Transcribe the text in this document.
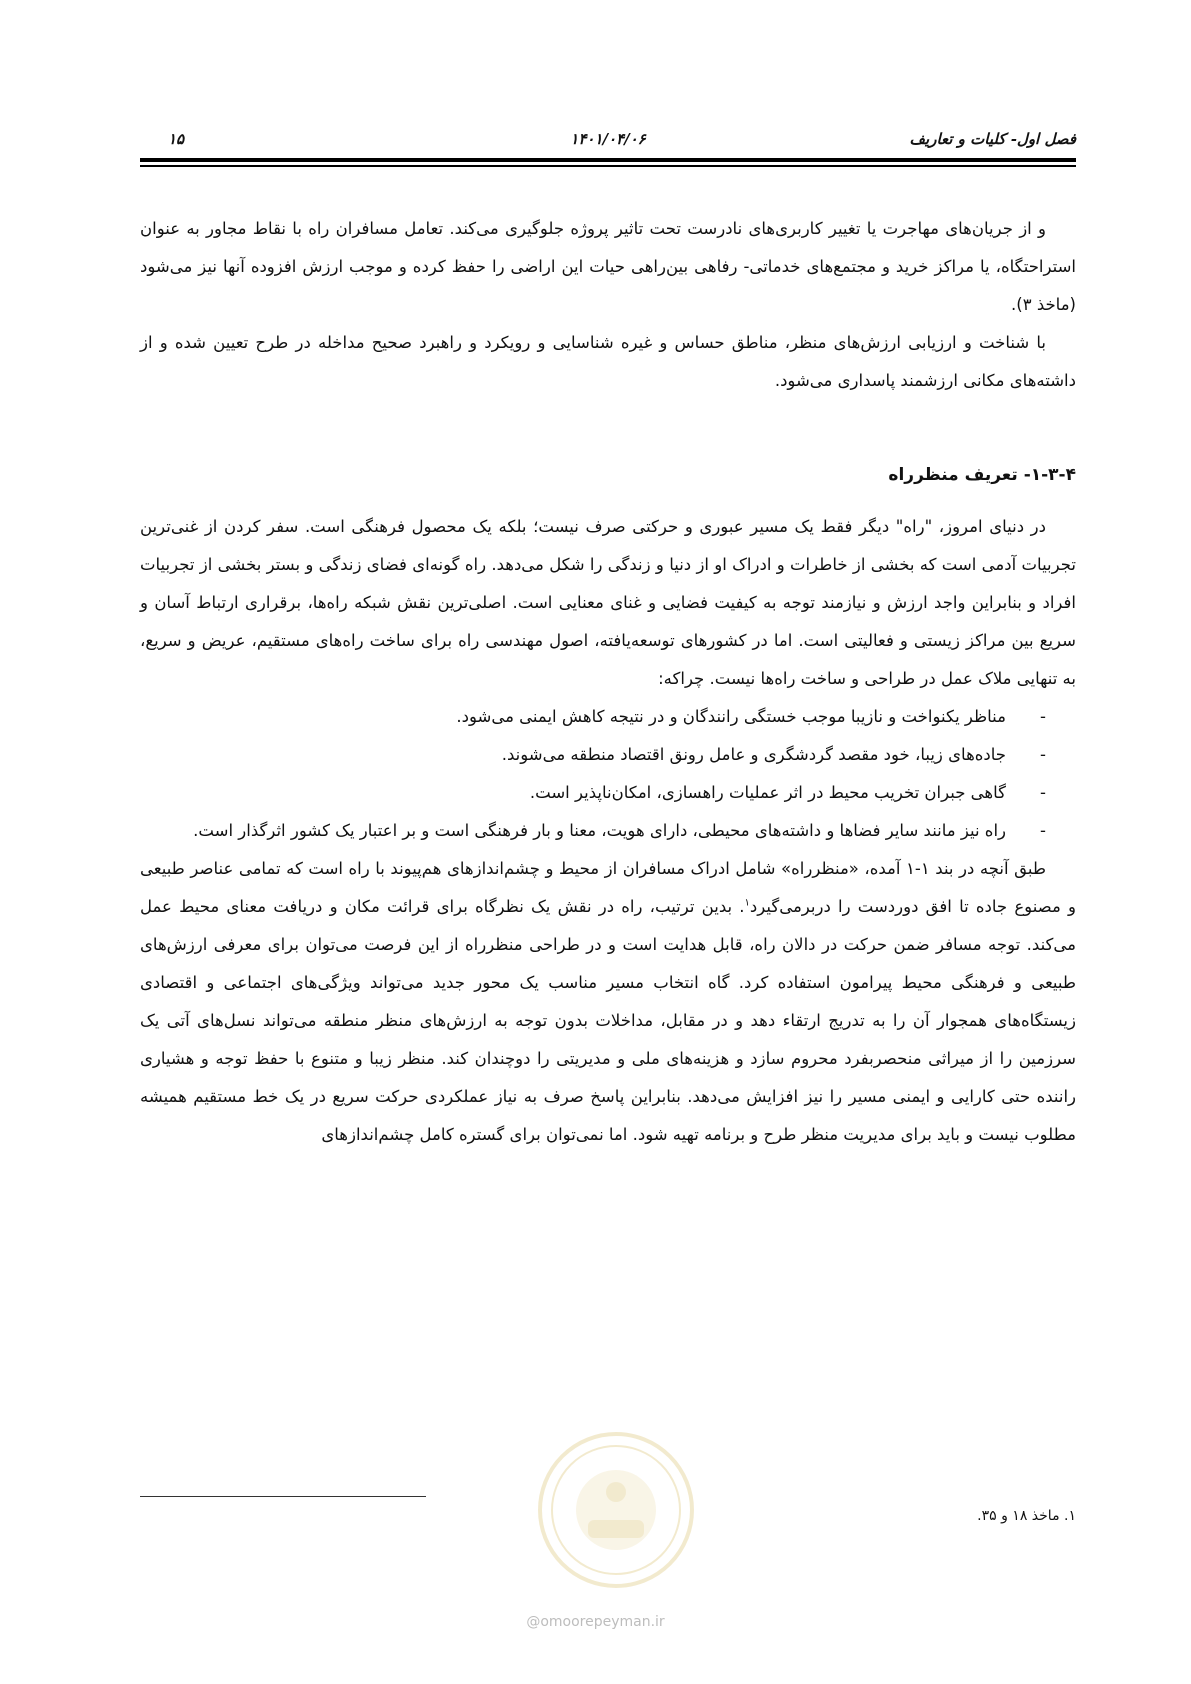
فصل اول- کلیات و تعاریف
۱۴۰۱/۰۴/۰۶
۱۵

و از جریان‌های مهاجرت یا تغییر کاربری‌های نادرست تحت تاثیر پروژه جلوگیری می‌کند. تعامل مسافران راه با نقاط مجاور به عنوان استراحتگاه، یا مراکز خرید و مجتمع‌های خدماتی- رفاهی بین‌راهی حیات این اراضی را حفظ کرده و موجب ارزش افزوده آنها نیز می‌شود (ماخذ ۳).

با شناخت و ارزیابی ارزش‌های منظر، مناطق حساس و غیره شناسایی و رویکرد و راهبرد صحیح مداخله در طرح تعیین شده و از داشته‌های مکانی ارزشمند پاسداری می‌شود.

۱-۳-۴- تعریف منظرراه

در دنیای امروز، "راه" دیگر فقط یک مسیر عبوری و حرکتی صرف نیست؛ بلکه یک محصول فرهنگی است. سفر کردن از غنی‌ترین تجربیات آدمی است که بخشی از خاطرات و ادراک او از دنیا و زندگی را شکل می‌دهد. راه گونه‌ای فضای زندگی و بستر بخشی از تجربیات افراد و بنابراین واجد ارزش و نیازمند توجه به کیفیت فضایی و غنای معنایی است. اصلی‌ترین نقش شبکه راه‌ها، برقراری ارتباط آسان و سریع بین مراکز زیستی و فعالیتی است. اما در کشورهای توسعه‌یافته، اصول مهندسی راه برای ساخت راه‌های مستقیم، عریض و سریع، به تنهایی ملاک عمل در طراحی و ساخت راه‌ها نیست. چراکه:

- مناظر یکنواخت و نازیبا موجب خستگی رانندگان و در نتیجه کاهش ایمنی می‌شود.
- جاده‌های زیبا، خود مقصد گردشگری و عامل رونق اقتصاد منطقه می‌شوند.
- گاهی جبران تخریب محیط در اثر عملیات راهسازی، امکان‌ناپذیر است.
- راه نیز مانند سایر فضاها و داشته‌های محیطی، دارای هویت، معنا و بار فرهنگی است و بر اعتبار یک کشور اثرگذار است.

طبق آنچه در بند ۱-۱ آمده، «منظرراه» شامل ادراک مسافران از محیط و چشم‌اندازهای هم‌پیوند با راه است که تمامی عناصر طبیعی و مصنوع جاده تا افق دوردست را دربرمی‌گیرد$^۱$. بدین ترتیب، راه در نقش یک نظرگاه برای قرائت مکان و دریافت معنای محیط عمل می‌کند. توجه مسافر ضمن حرکت در دالان راه، قابل هدایت است و در طراحی منظرراه از این فرصت می‌توان برای معرفی ارزش‌های طبیعی و فرهنگی محیط پیرامون استفاده کرد. گاه انتخاب مسیر مناسب یک محور جدید می‌تواند ویژگی‌های اجتماعی و اقتصادی زیستگاه‌های همجوار آن را به تدریج ارتقاء دهد و در مقابل، مداخلات بدون توجه به ارزش‌های منظر منطقه می‌تواند نسل‌های آتی یک سرزمین را از میراثی منحصربفرد محروم سازد و هزینه‌های ملی و مدیریتی را دوچندان کند. منظر زیبا و متنوع با حفظ توجه و هشیاری راننده حتی کارایی و ایمنی مسیر را نیز افزایش می‌دهد. بنابراین پاسخ صرف به نیاز عملکردی حرکت سریع در یک خط مستقیم همیشه مطلوب نیست و باید برای مدیریت منظر طرح و برنامه تهیه شود. اما نمی‌توان برای گستره کامل چشم‌اندازهای

۱. ماخذ ۱۸ و ۳۵.
@omoorepeyman.ir
